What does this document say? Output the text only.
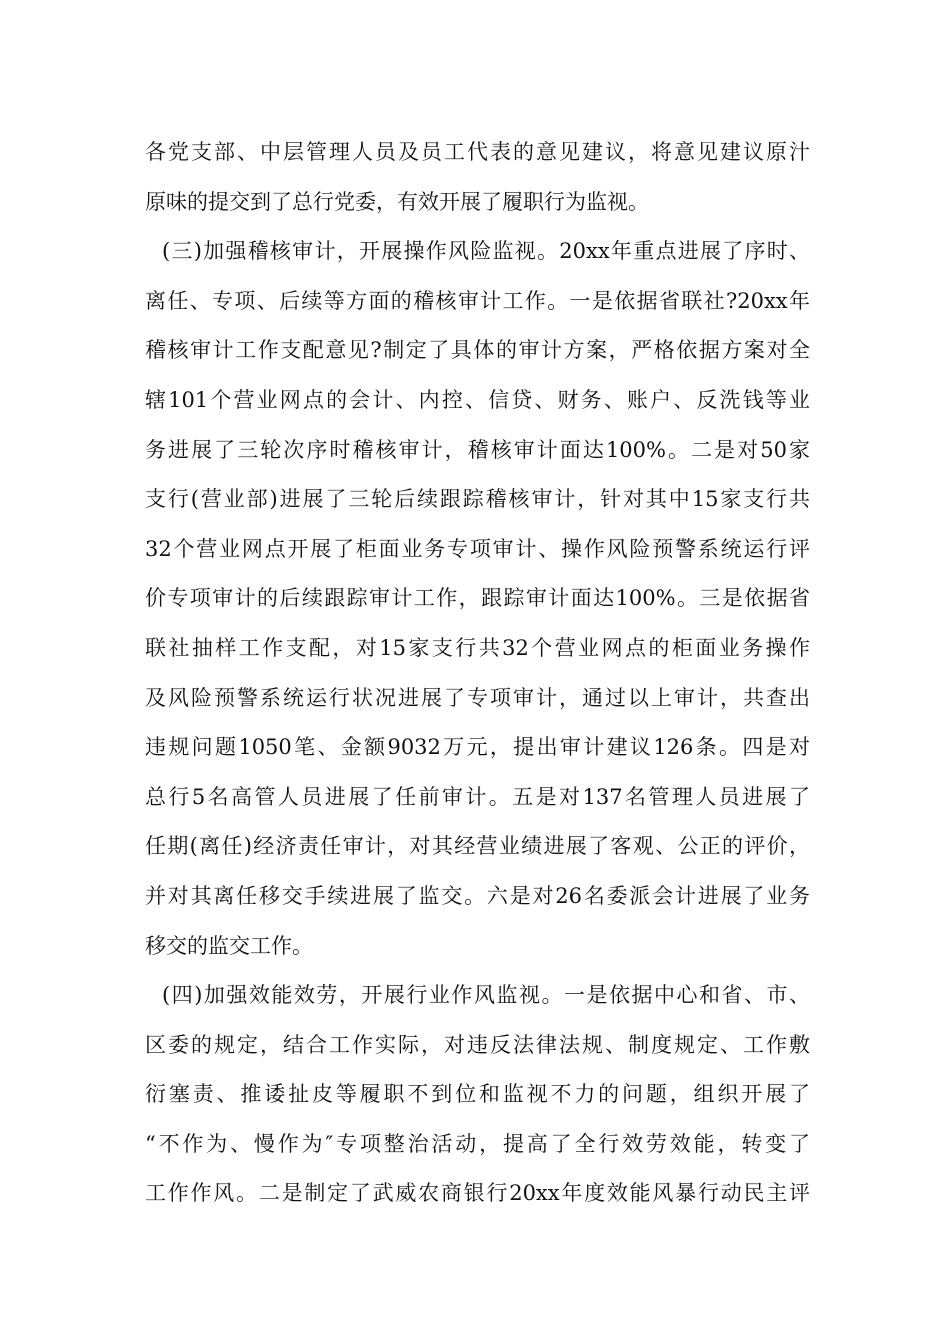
各党支部、中层管理人员及员工代表的意见建议，将意见建议原汁
原味的提交到了总行党委，有效开展了履职行为监视。
(三)加强稽核审计，开展操作风险监视。20xx年重点进展了序时、
离任、专项、后续等方面的稽核审计工作。一是依据省联社?20xx年
稽核审计工作支配意见?制定了具体的审计方案，严格依据方案对全
辖101个营业网点的会计、内控、信贷、财务、账户、反洗钱等业
务进展了三轮次序时稽核审计，稽核审计面达100%。二是对50家
支行(营业部)进展了三轮后续跟踪稽核审计，针对其中15家支行共
32个营业网点开展了柜面业务专项审计、操作风险预警系统运行评
价专项审计的后续跟踪审计工作，跟踪审计面达100%。三是依据省
联社抽样工作支配，对15家支行共32个营业网点的柜面业务操作
及风险预警系统运行状况进展了专项审计，通过以上审计，共查出
违规问题1050笔、金额9032万元，提出审计建议126条。四是对
总行5名高管人员进展了任前审计。五是对137名管理人员进展了
任期(离任)经济责任审计，对其经营业绩进展了客观、公正的评价，
并对其离任移交手续进展了监交。六是对26名委派会计进展了业务
移交的监交工作。
(四)加强效能效劳，开展行业作风监视。一是依据中心和省、市、
区委的规定，结合工作实际，对违反法律法规、制度规定、工作敷
衍塞责、推诿扯皮等履职不到位和监视不力的问题，组织开展了
“不作为、慢作为″专项整治活动，提高了全行效劳效能，转变了
工作作风。二是制定了武威农商银行20xx年度效能风暴行动民主评
